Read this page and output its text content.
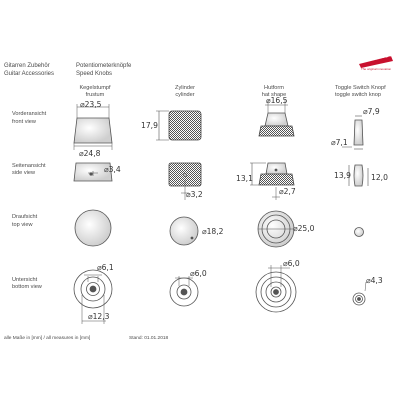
Gitarren Zubehör
Guitar Accessories
Potentiometerknöpfe
Speed Knobs
Schaller
The original innovation
Kegelstumpf
frustum
Zylinder
cylinder
Hutform
hat shape
Toggle Switch Knopf
toggle switch knop
Vorderansicht
front view
Seitenansicht
side view
Draufsicht
top view
Untersicht
bottom view
⌀23,5
⌀24,8
⌀3,4
⌀6,1
⌀12,3
17,9
⌀3,2
⌀18,2
⌀6,0
⌀16,5
13,1
⌀2,7
⌀25,0
⌀6,0
⌀7,9
⌀7,1
13,9	12,0
⌀4,3
alle Maße in [mm] / all measures in [mm]	Stand: 01.01.2018
